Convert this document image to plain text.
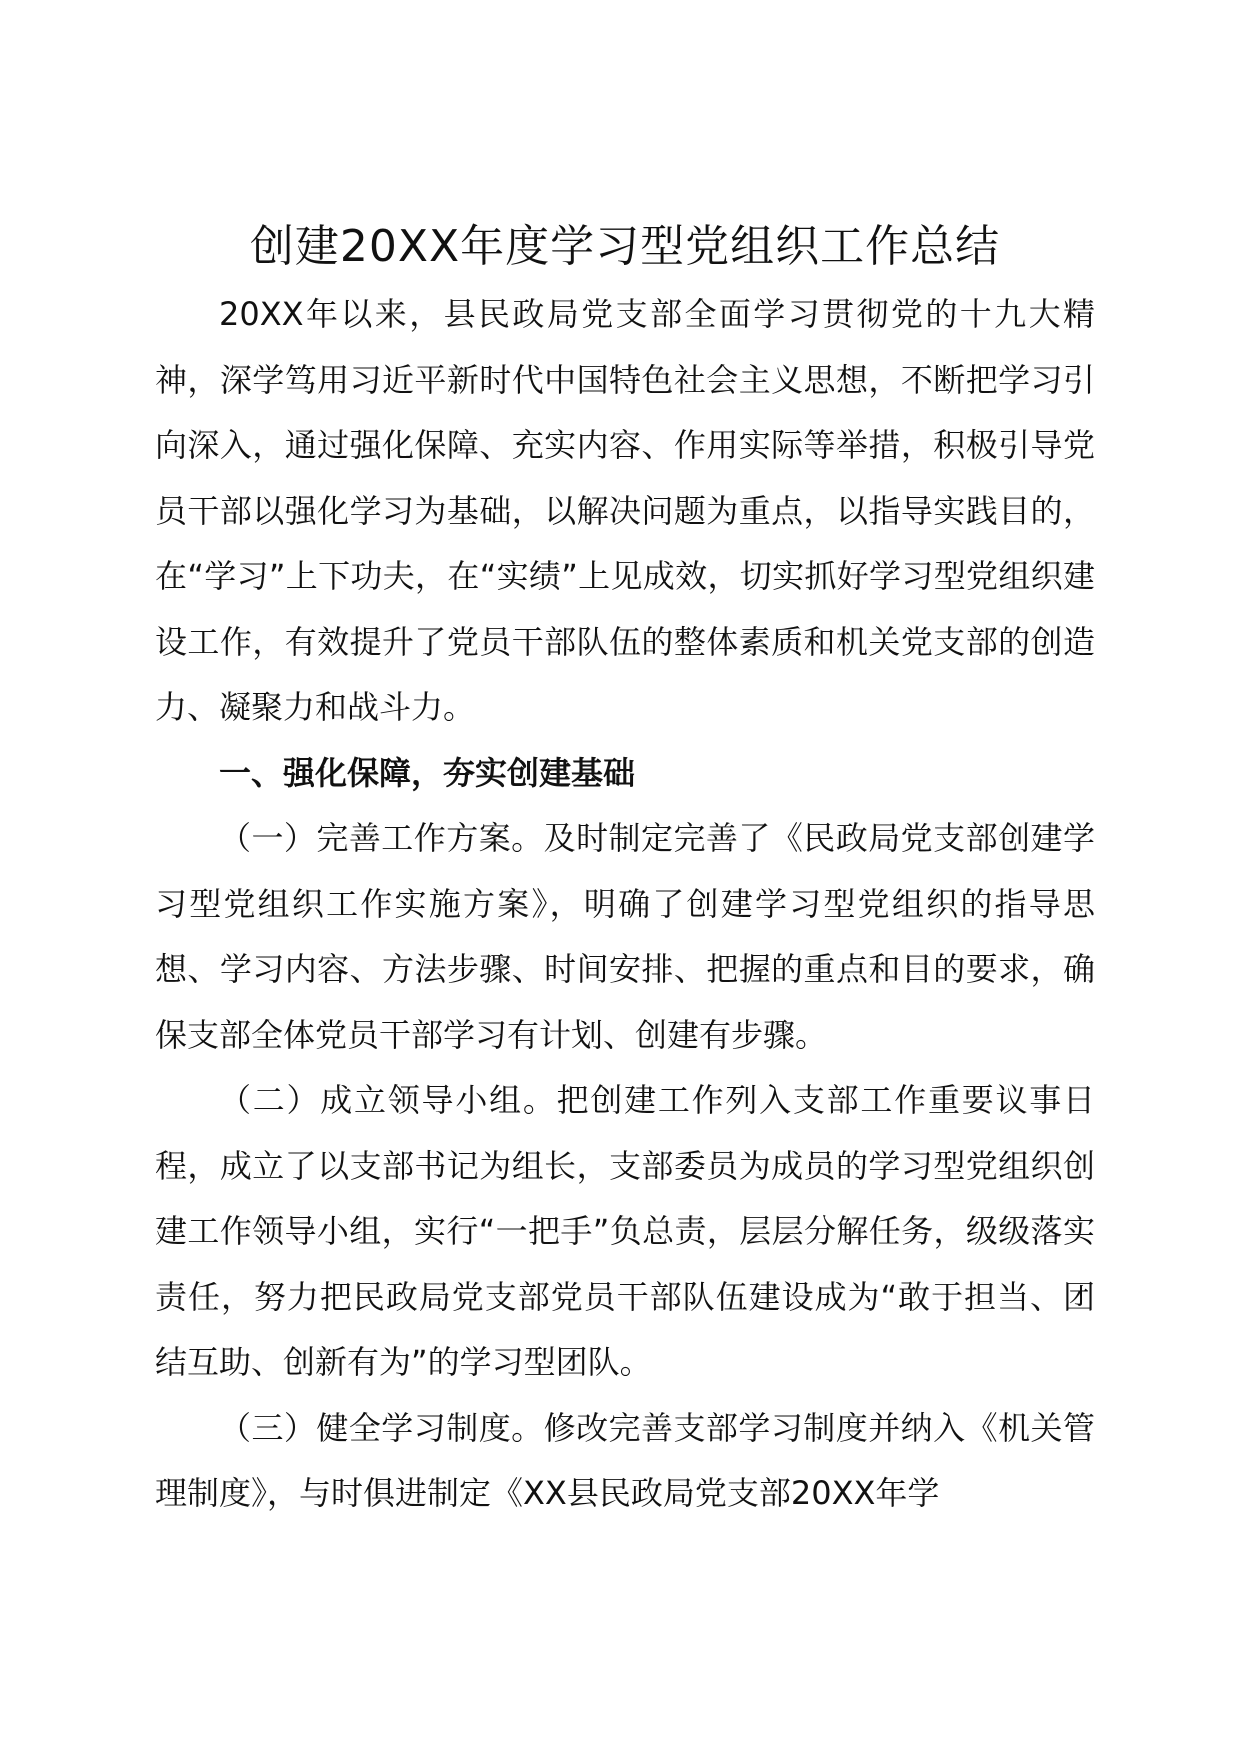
创建20XX年度学习型党组织工作总结

20XX年以来，县民政局党支部全面学习贯彻党的十九大精神，深学笃用习近平新时代中国特色社会主义思想，不断把学习引向深入，通过强化保障、充实内容、作用实际等举措，积极引导党员干部以强化学习为基础，以解决问题为重点，以指导实践目的，在“学习”上下功夫，在“实绩”上见成效，切实抓好学习型党组织建设工作，有效提升了党员干部队伍的整体素质和机关党支部的创造力、凝聚力和战斗力。

一、强化保障，夯实创建基础

（一）完善工作方案。及时制定完善了《民政局党支部创建学习型党组织工作实施方案》，明确了创建学习型党组织的指导思想、学习内容、方法步骤、时间安排、把握的重点和目的要求，确保支部全体党员干部学习有计划、创建有步骤。

（二）成立领导小组。把创建工作列入支部工作重要议事日程，成立了以支部书记为组长，支部委员为成员的学习型党组织创建工作领导小组，实行“一把手”负总责，层层分解任务，级级落实责任，努力把民政局党支部党员干部队伍建设成为“敢于担当、团结互助、创新有为”的学习型团队。

（三）健全学习制度。修改完善支部学习制度并纳入《机关管理制度》，与时俱进制定《XX县民政局党支部20XX年学
